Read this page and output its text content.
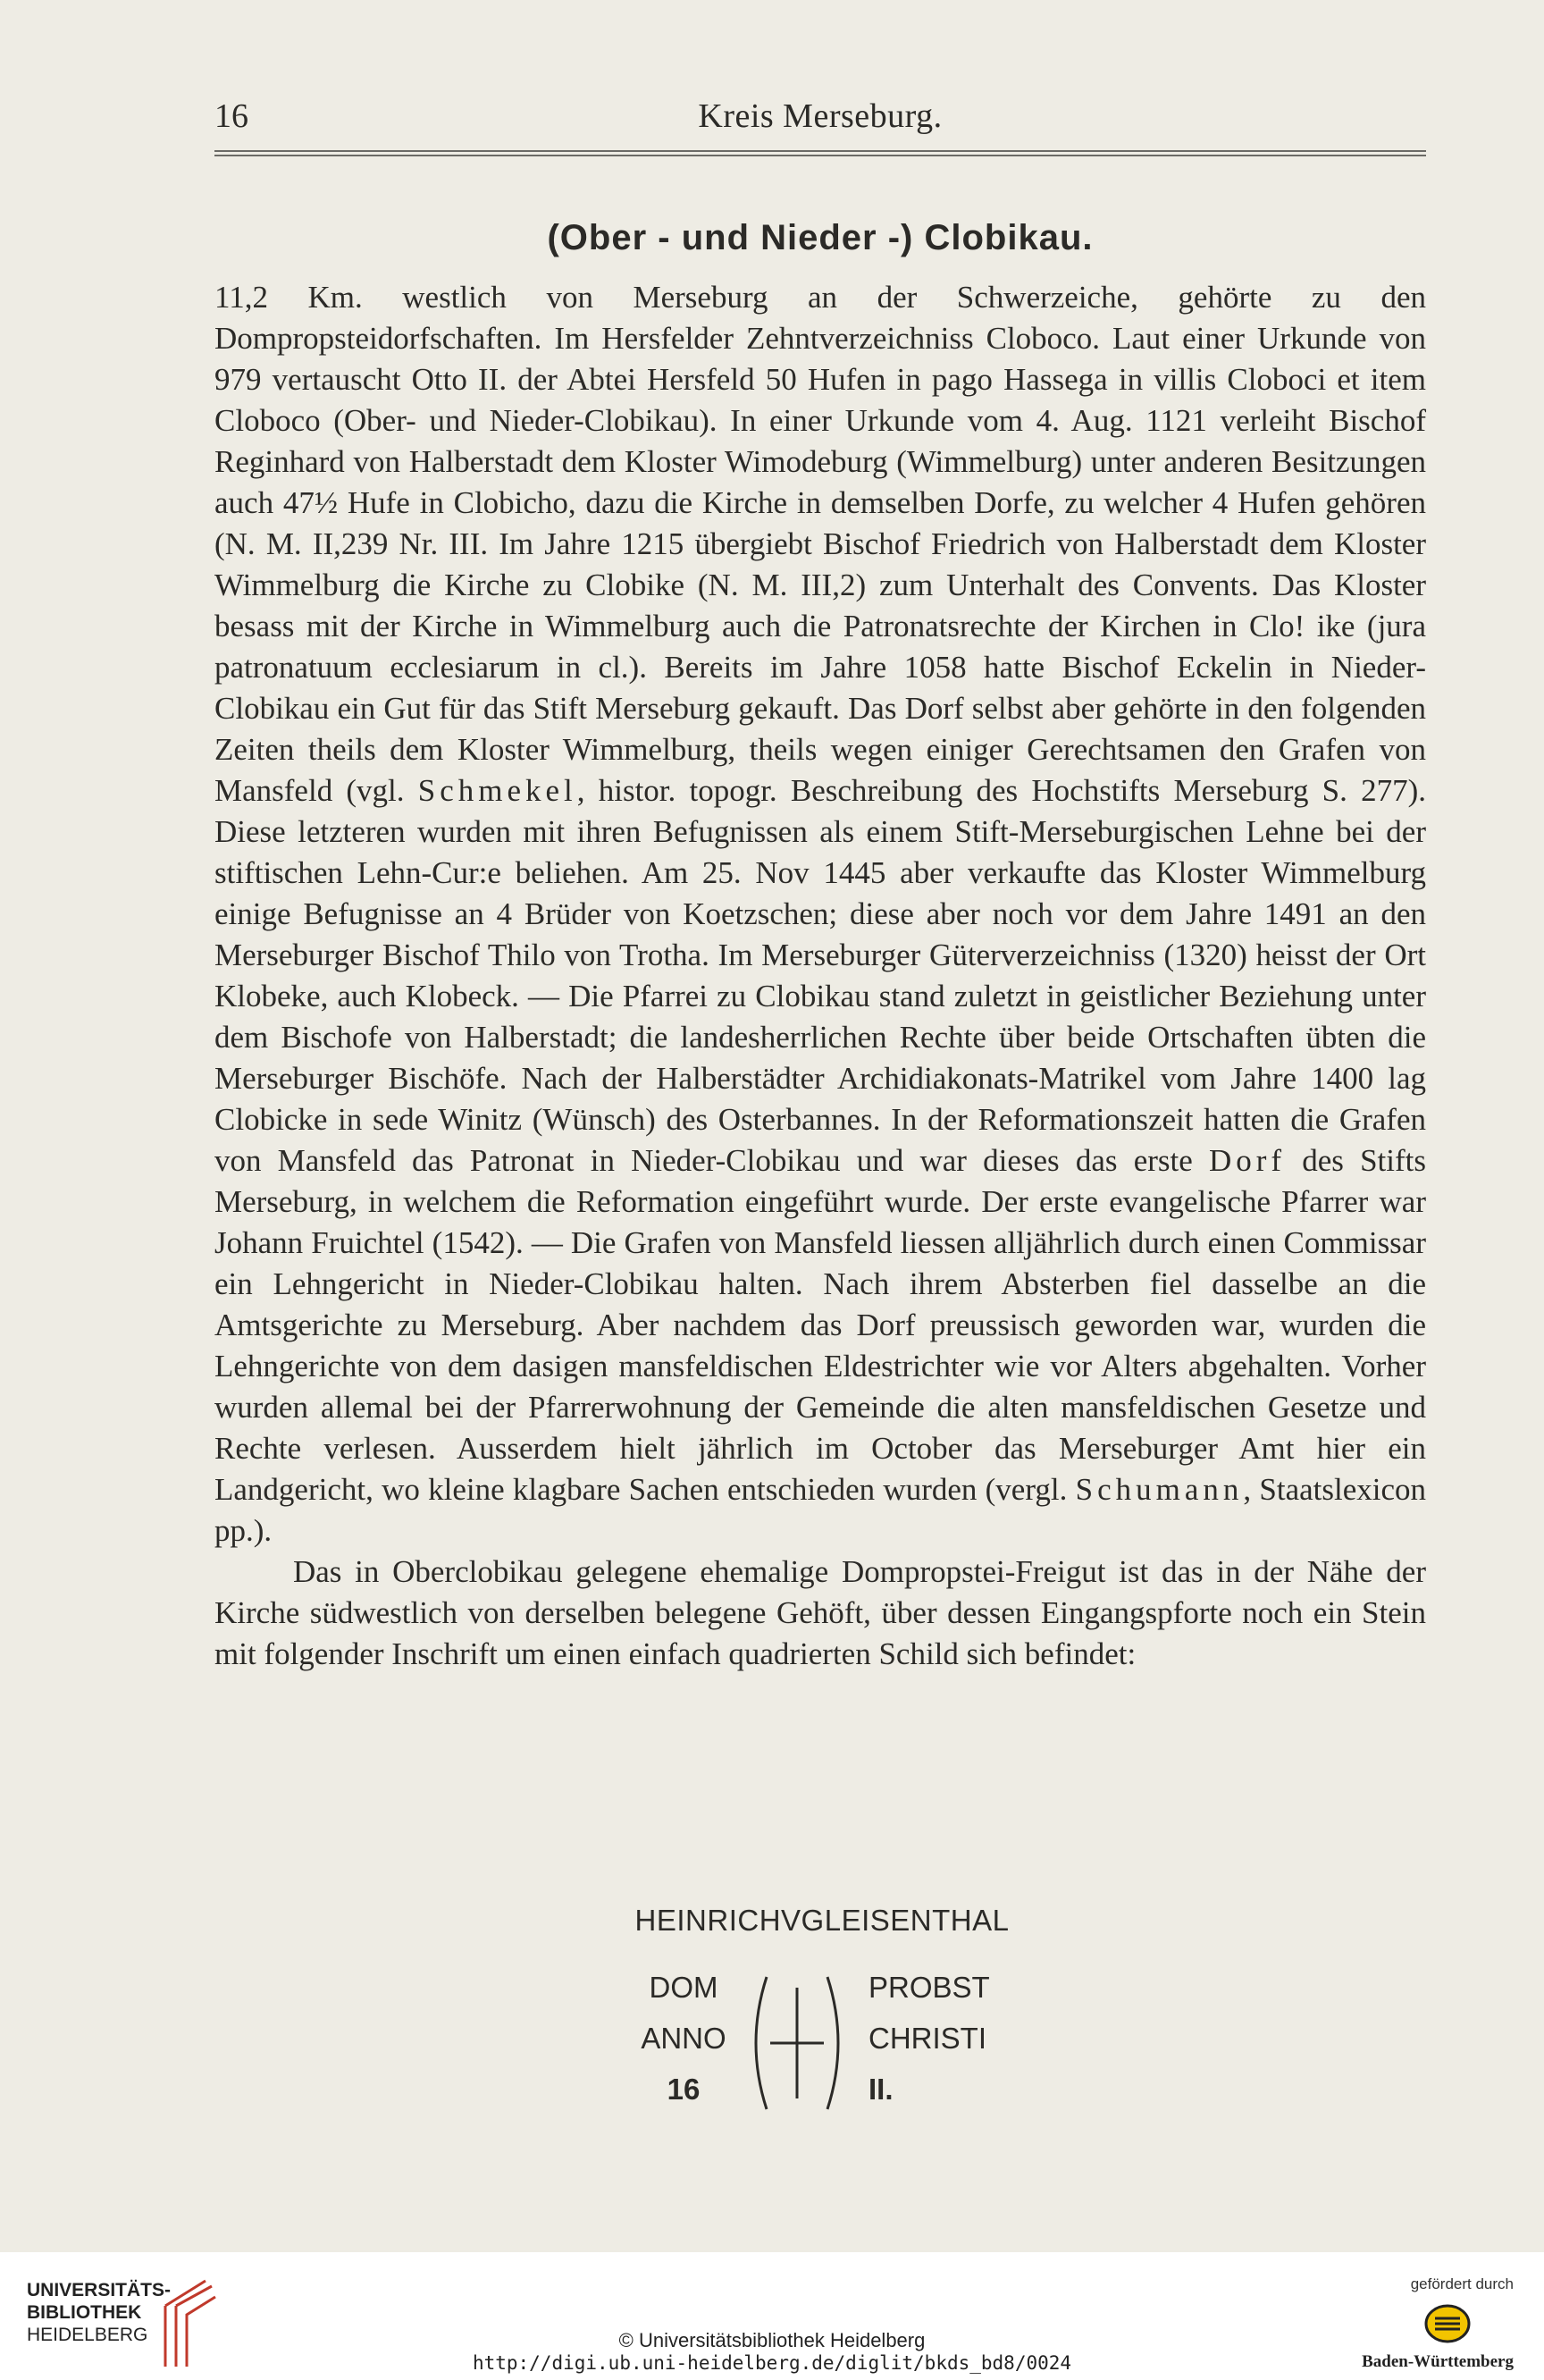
16	Kreis Merseburg.
(Ober - und Nieder -) Clobikau.

11,2 Km. westlich von Merseburg an der Schwerzeiche, gehörte zu den Dompropsteidorfschaften. Im Hersfelder Zehntverzeichniss Cloboco. Laut einer Urkunde von 979 vertauscht Otto II. der Abtei Hersfeld 50 Hufen in pago Hassega in villis Cloboci et item Cloboco (Ober- und Nieder-Clobikau). In einer Urkunde vom 4. Aug. 1121 verleiht Bischof Reginhard von Halberstadt dem Kloster Wimodeburg (Wimmelburg) unter anderen Besitzungen auch 47½ Hufe in Clobicho, dazu die Kirche in demselben Dorfe, zu welcher 4 Hufen gehören (N. M. II,239 Nr. III. Im Jahre 1215 übergiebt Bischof Friedrich von Halberstadt dem Kloster Wimmelburg die Kirche zu Clobike (N. M. III,2) zum Unterhalt des Convents. Das Kloster besass mit der Kirche in Wimmelburg auch die Patronatsrechte der Kirchen in Clo! ike (jura patronatuum ecclesiarum in cl.). Bereits im Jahre 1058 hatte Bischof Eckelin in Nieder-Clobikau ein Gut für das Stift Merseburg gekauft. Das Dorf selbst aber gehörte in den folgenden Zeiten theils dem Kloster Wimmelburg, theils wegen einiger Gerechtsamen den Grafen von Mansfeld (vgl. Schmekel, histor. topogr. Beschreibung des Hochstifts Merseburg S. 277). Diese letzteren wurden mit ihren Befugnissen als einem Stift-Merseburgischen Lehne bei der stiftischen Lehn-Cur:e beliehen. Am 25. Nov 1445 aber verkaufte das Kloster Wimmelburg einige Befugnisse an 4 Brüder von Koetzschen; diese aber noch vor dem Jahre 1491 an den Merseburger Bischof Thilo von Trotha. Im Merseburger Güterverzeichniss (1320) heisst der Ort Klobeke, auch Klobeck. — Die Pfarrei zu Clobikau stand zuletzt in geistlicher Beziehung unter dem Bischofe von Halberstadt; die landesherrlichen Rechte über beide Ortschaften übten die Merseburger Bischöfe. Nach der Halberstädter Archidiakonats-Matrikel vom Jahre 1400 lag Clobicke in sede Winitz (Wünsch) des Osterbannes. In der Reformationszeit hatten die Grafen von Mansfeld das Patronat in Nieder-Clobikau und war dieses das erste Dorf des Stifts Merseburg, in welchem die Reformation eingeführt wurde. Der erste evangelische Pfarrer war Johann Fruichtel (1542). — Die Grafen von Mansfeld liessen alljährlich durch einen Commissar ein Lehngericht in Nieder-Clobikau halten. Nach ihrem Absterben fiel dasselbe an die Amtsgerichte zu Merseburg. Aber nachdem das Dorf preussisch geworden war, wurden die Lehngerichte von dem dasigen mansfeldischen Eldestrichter wie vor Alters abgehalten. Vorher wurden allemal bei der Pfarrerwohnung der Gemeinde die alten mansfeldischen Gesetze und Rechte verlesen. Ausserdem hielt jährlich im October das Merseburger Amt hier ein Landgericht, wo kleine klagbare Sachen entschieden wurden (vergl. Schumann, Staatslexicon pp.).

Das in Oberclobikau gelegene ehemalige Dompropstei-Freigut ist das in der Nähe der Kirche südwestlich von derselben belegene Gehöft, über dessen Eingangspforte noch ein Stein mit folgender Inschrift um einen einfach quadrierten Schild sich befindet:

HEINRICHVGLEISENTHAL
DOM
ANNO
16
PROBST
CHRISTI
II.
UNIVERSITÄTS-
BIBLIOTHEK
HEIDELBERG	© Universitätsbibliothek Heidelberg
http://digi.ub.uni-heidelberg.de/diglit/bkds_bd8/0024
gefördert durch
Baden-Württemberg
